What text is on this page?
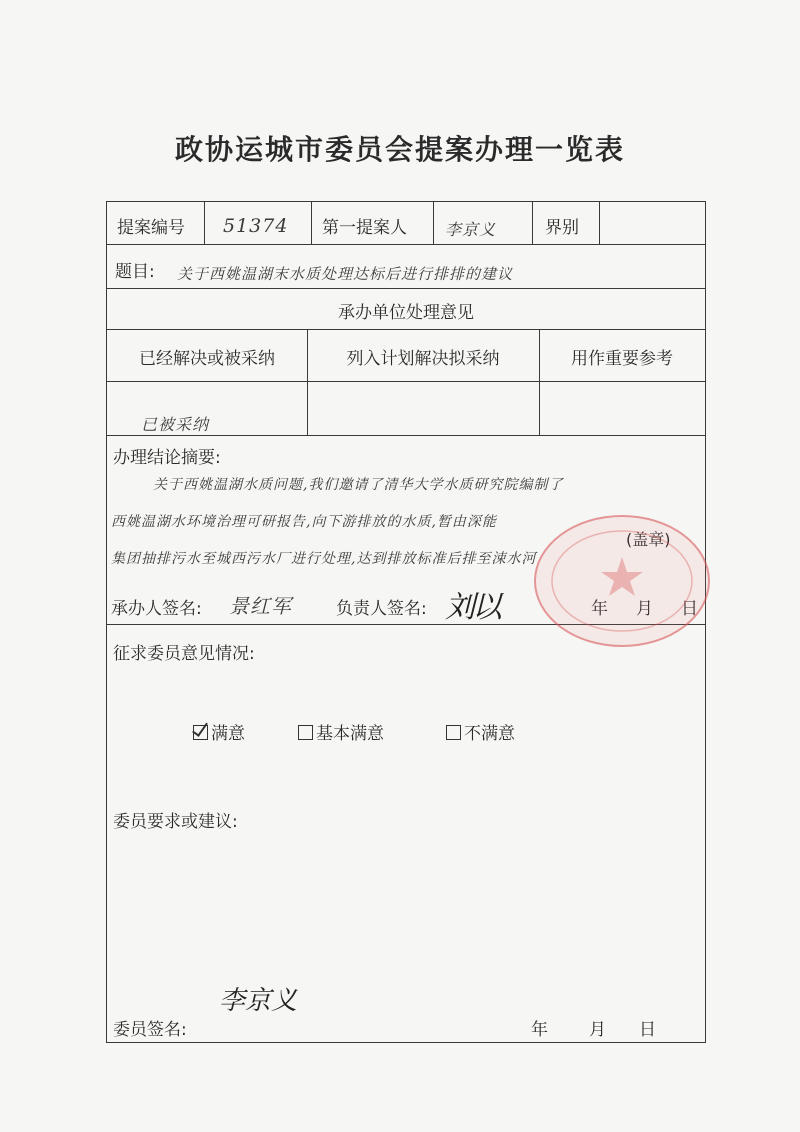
政协运城市委员会提案办理一览表
提案编号 51374 第一提案人 李京义	界别
题目: 关于西姚温湖末水质处理达标后进行排排的建议
承办单位处理意见
已经解决或被采纳	列入计划解决拟采纳	用作重要参考
已被采纳
办理结论摘要:
关于西姚温湖水质问题,我们邀请了清华大学水质研究院编制了
西姚温湖水环境治理可研报告,向下游排放的水质,暂由深能
集团抽排污水至城西污水厂进行处理,达到排放标准后排至涑水河
(盖章)
承办人签名: 景红军	负责人签名: 刘以	年 月 日
征求委员意见情况:
满意	基本满意	不满意
委员要求或建议:
委员签名:
李京义
年 月 日
